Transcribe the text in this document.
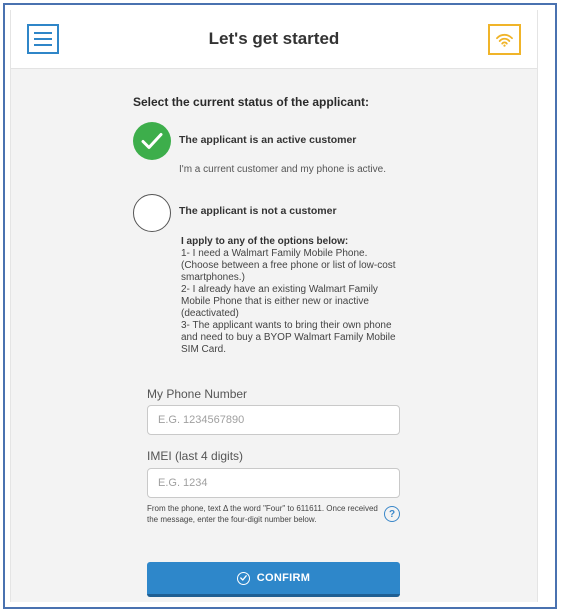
Let's get started
Select the current status of the applicant:
The applicant is an active customer
I'm a current customer and my phone is active.
The applicant is not a customer
I apply to any of the options below:
1- I need a Walmart Family Mobile Phone.
(Choose between a free phone or list of low-cost smartphones.)
2- I already have an existing Walmart Family Mobile Phone that is either new or inactive (deactivated)
3- The applicant wants to bring their own phone and need to buy a BYOP Walmart Family Mobile SIM Card.
My Phone Number
E.G. 1234567890
IMEI (last 4 digits)
E.G. 1234
From the phone, text Δ the word "Four" to 611611. Once received the message, enter the four-digit number below.	?
CONFIRM
